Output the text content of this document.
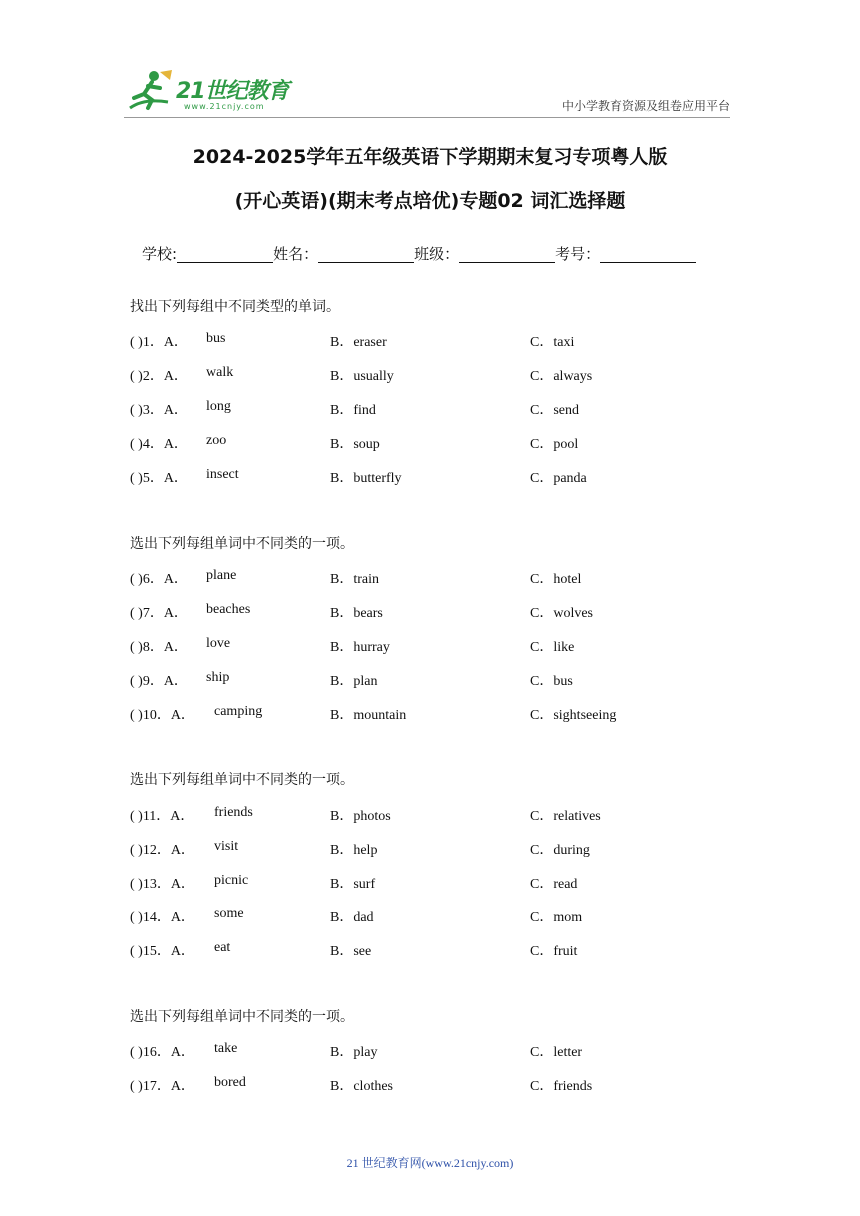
21世纪教育
www.21cnjy.com	中小学教育资源及组卷应用平台
2024-2025学年五年级英语下学期期末复习专项粤人版
(开心英语)(期末考点培优)专题02 词汇选择题
学校:	姓名：	班级：	考号：
找出下列每组中不同类型的单词。
( )1．A． bus	B．eraser	C．taxi
( )2．A． walk	B．usually	C．always
( )3．A． long	B．find	C．send
( )4．A． zoo	B．soup	C．pool
( )5．A． insect	B．butterfly	C．panda
选出下列每组单词中不同类的一项。
( )6．A． plane	B．train	C．hotel
( )7．A． beaches	B．bears	C．wolves
( )8．A． love	B．hurray	C．like
( )9．A． ship	B．plan	C．bus
( )10．A． camping	B．mountain	C．sightseeing
选出下列每组单词中不同类的一项。
( )11．A． friends	B．photos	C．relatives
( )12．A． visit	B．help	C．during
( )13．A． picnic	B．surf	C．read
( )14．A． some	B．dad	C．mom
( )15．A． eat	B．see	C．fruit
选出下列每组单词中不同类的一项。
( )16．A． take	B．play	C．letter
( )17．A． bored	B．clothes	C．friends
21 世纪教育网(www.21cnjy.com)
